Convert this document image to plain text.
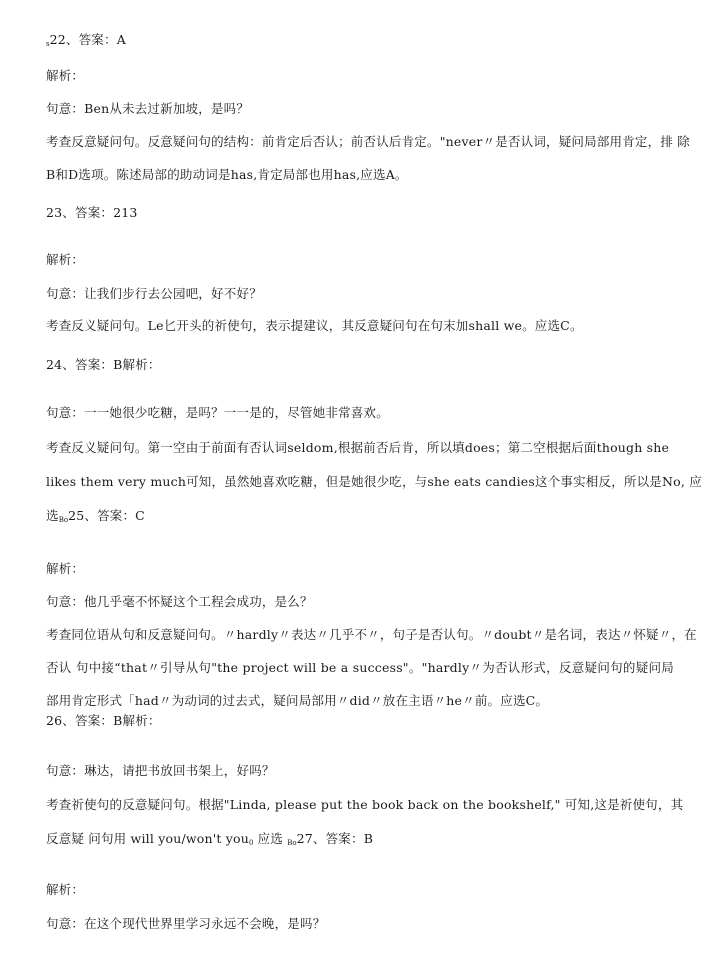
s22、答案：A
解析：
句意：Ben从未去过新加坡，是吗？
考查反意疑问句。反意疑问句的结构：前肯定后否认；前否认后肯定。"never〃是否认词，疑问局部用肯定，排 除
B和D选项。陈述局部的助动词是has,肯定局部也用has,应选A。
23、答案：213
解析：
句意：让我们步行去公园吧，好不好？
考查反义疑问句。Le匕开头的祈使句，表示提建议，其反意疑问句在句末加shall we。应选C。
24、答案：B解析：
句意：一一她很少吃糖，是吗？一一是的，尽管她非常喜欢。
考查反义疑问句。第一空由于前面有否认词seldom,根据前否后肯，所以填does；第二空根据后面though she
likes them very much可知，虽然她喜欢吃糖，但是她很少吃，与she eats candies这个事实相反，所以是No, 应
选Bo25、答案：C
解析：
句意：他几乎毫不怀疑这个工程会成功，是么？
考查同位语从句和反意疑问句。〃hardly〃表达〃几乎不〃，句子是否认句。〃doubt〃是名词，表达〃怀疑〃，在
否认 句中接“that〃引导从句"the project will be a success"。"hardly〃为否认形式，反意疑问句的疑问局
部用肯定形式「had〃为动词的过去式，疑问局部用〃did〃放在主语〃he〃前。应选C。
26、答案：B解析：
句意：琳达，请把书放回书架上，好吗？
考查祈使句的反意疑问句。根据"Linda, please put the book back on the bookshelf," 可知,这是祈使句，其
反意疑 问句用 will you/won't you0 应选 Bo27、答案：B
解析：
句意：在这个现代世界里学习永远不会晚，是吗？
